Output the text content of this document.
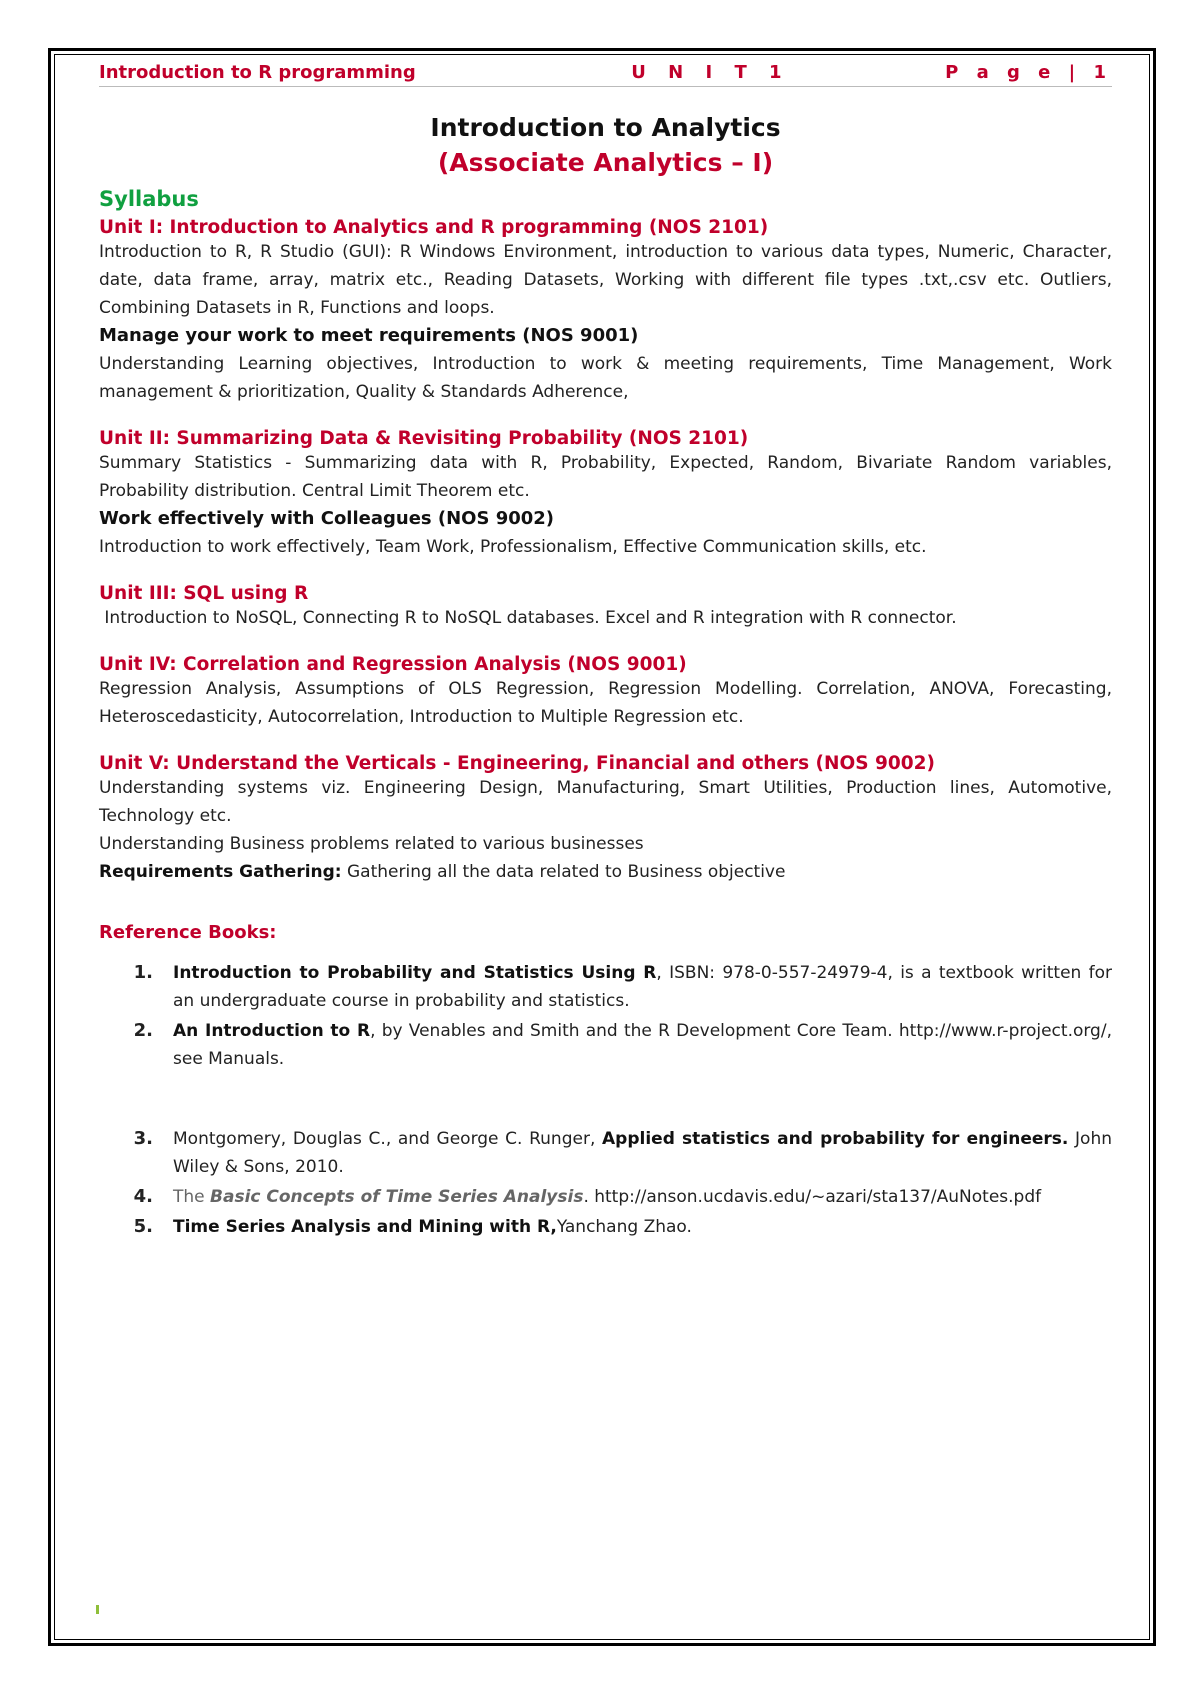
Introduction to R programming	U N I T 1	P a g e | 1
Introduction to Analytics
(Associate Analytics – I)
Syllabus
Unit I: Introduction to Analytics and R programming (NOS 2101)
Introduction to R, R Studio (GUI): R Windows Environment, introduction to various data types, Numeric, Character, date, data frame, array, matrix etc., Reading Datasets, Working with different file types .txt,.csv etc. Outliers, Combining Datasets in R, Functions and loops.
Manage your work to meet requirements (NOS 9001)
Understanding Learning objectives, Introduction to work & meeting requirements, Time Management, Work management & prioritization, Quality & Standards Adherence,
Unit II: Summarizing Data & Revisiting Probability (NOS 2101)
Summary Statistics - Summarizing data with R, Probability, Expected, Random, Bivariate Random variables, Probability distribution. Central Limit Theorem etc.
Work effectively with Colleagues (NOS 9002)
Introduction to work effectively, Team Work, Professionalism, Effective Communication skills, etc.
Unit III: SQL using R
Introduction to NoSQL, Connecting R to NoSQL databases. Excel and R integration with R connector.
Unit IV: Correlation and Regression Analysis (NOS 9001)
Regression Analysis, Assumptions of OLS Regression, Regression Modelling. Correlation, ANOVA, Forecasting, Heteroscedasticity, Autocorrelation, Introduction to Multiple Regression etc.
Unit V: Understand the Verticals - Engineering, Financial and others (NOS 9002)
Understanding systems viz. Engineering Design, Manufacturing, Smart Utilities, Production lines, Automotive, Technology etc.
Understanding Business problems related to various businesses
Requirements Gathering: Gathering all the data related to Business objective
Reference Books:
1.	Introduction to Probability and Statistics Using R, ISBN: 978-0-557-24979-4, is a textbook written for an undergraduate course in probability and statistics.
2.	An Introduction to R, by Venables and Smith and the R Development Core Team. http://www.r-project.org/, see Manuals.
3.	Montgomery, Douglas C., and George C. Runger, Applied statistics and probability for engineers. John Wiley & Sons, 2010.
4.	The Basic Concepts of Time Series Analysis. http://anson.ucdavis.edu/~azari/sta137/AuNotes.pdf
5.	Time Series Analysis and Mining with R,Yanchang Zhao.
